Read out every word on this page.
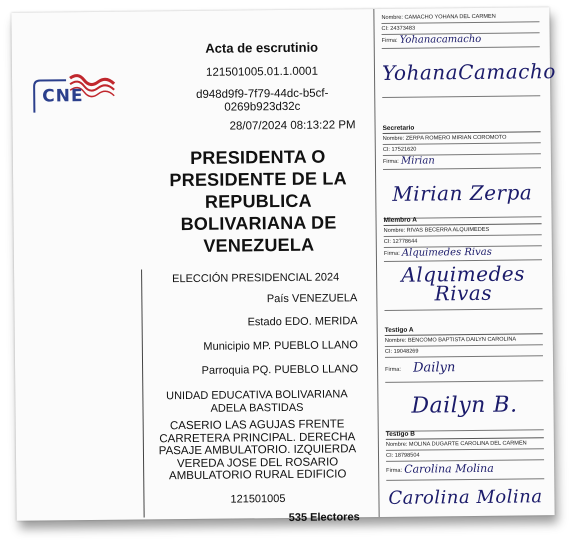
CNE
Acta de escrutinio
121501005.01.1.0001
d948d9f9-7f79-44dc-b5cf-
0269b923d32c
28/07/2024 08:13:22 PM
PRESIDENTA O
PRESIDENTE DE LA
REPUBLICA
BOLIVARIANA DE
VENEZUELA
ELECCIÓN PRESIDENCIAL 2024
País VENEZUELA
Estado EDO. MERIDA
Municipio MP. PUEBLO LLANO
Parroquia PQ. PUEBLO LLANO
UNIDAD EDUCATIVA BOLIVARIANA
ADELA BASTIDAS
CASERIO LAS AGUJAS FRENTE
CARRETERA PRINCIPAL. DERECHA
PASAJE AMBULATORIO. IZQUIERDA
VEREDA JOSE DEL ROSARIO
AMBULATORIO RURAL EDIFICIO
121501005
535 Electores
Nombre: CAMACHO YOHANA DEL CARMEN
CI: 24373483
Firma: Yohanacamacho
YohanaCamacho
Secretario
Nombre: ZERPA ROMERO MIRIAN COROMOTO
CI: 17521620
Firma: Mirian
Mirian Zerpa
Miembro A
Nombre: RIVAS BECERRA ALQUIMEDES
CI: 12778644
Firma: Alquimedes Rivas
Alquimedes
Rivas
Testigo A
Nombre: BENCOMO BAPTISTA DAILYN CAROLINA
CI: 19048269
Firma: Dailyn
Dailyn B.
Testigo B
Nombre: MOLINA DUGARTE CAROLINA DEL CARMEN
CI: 18798504
Firma: Carolina Molina
Carolina Molina
